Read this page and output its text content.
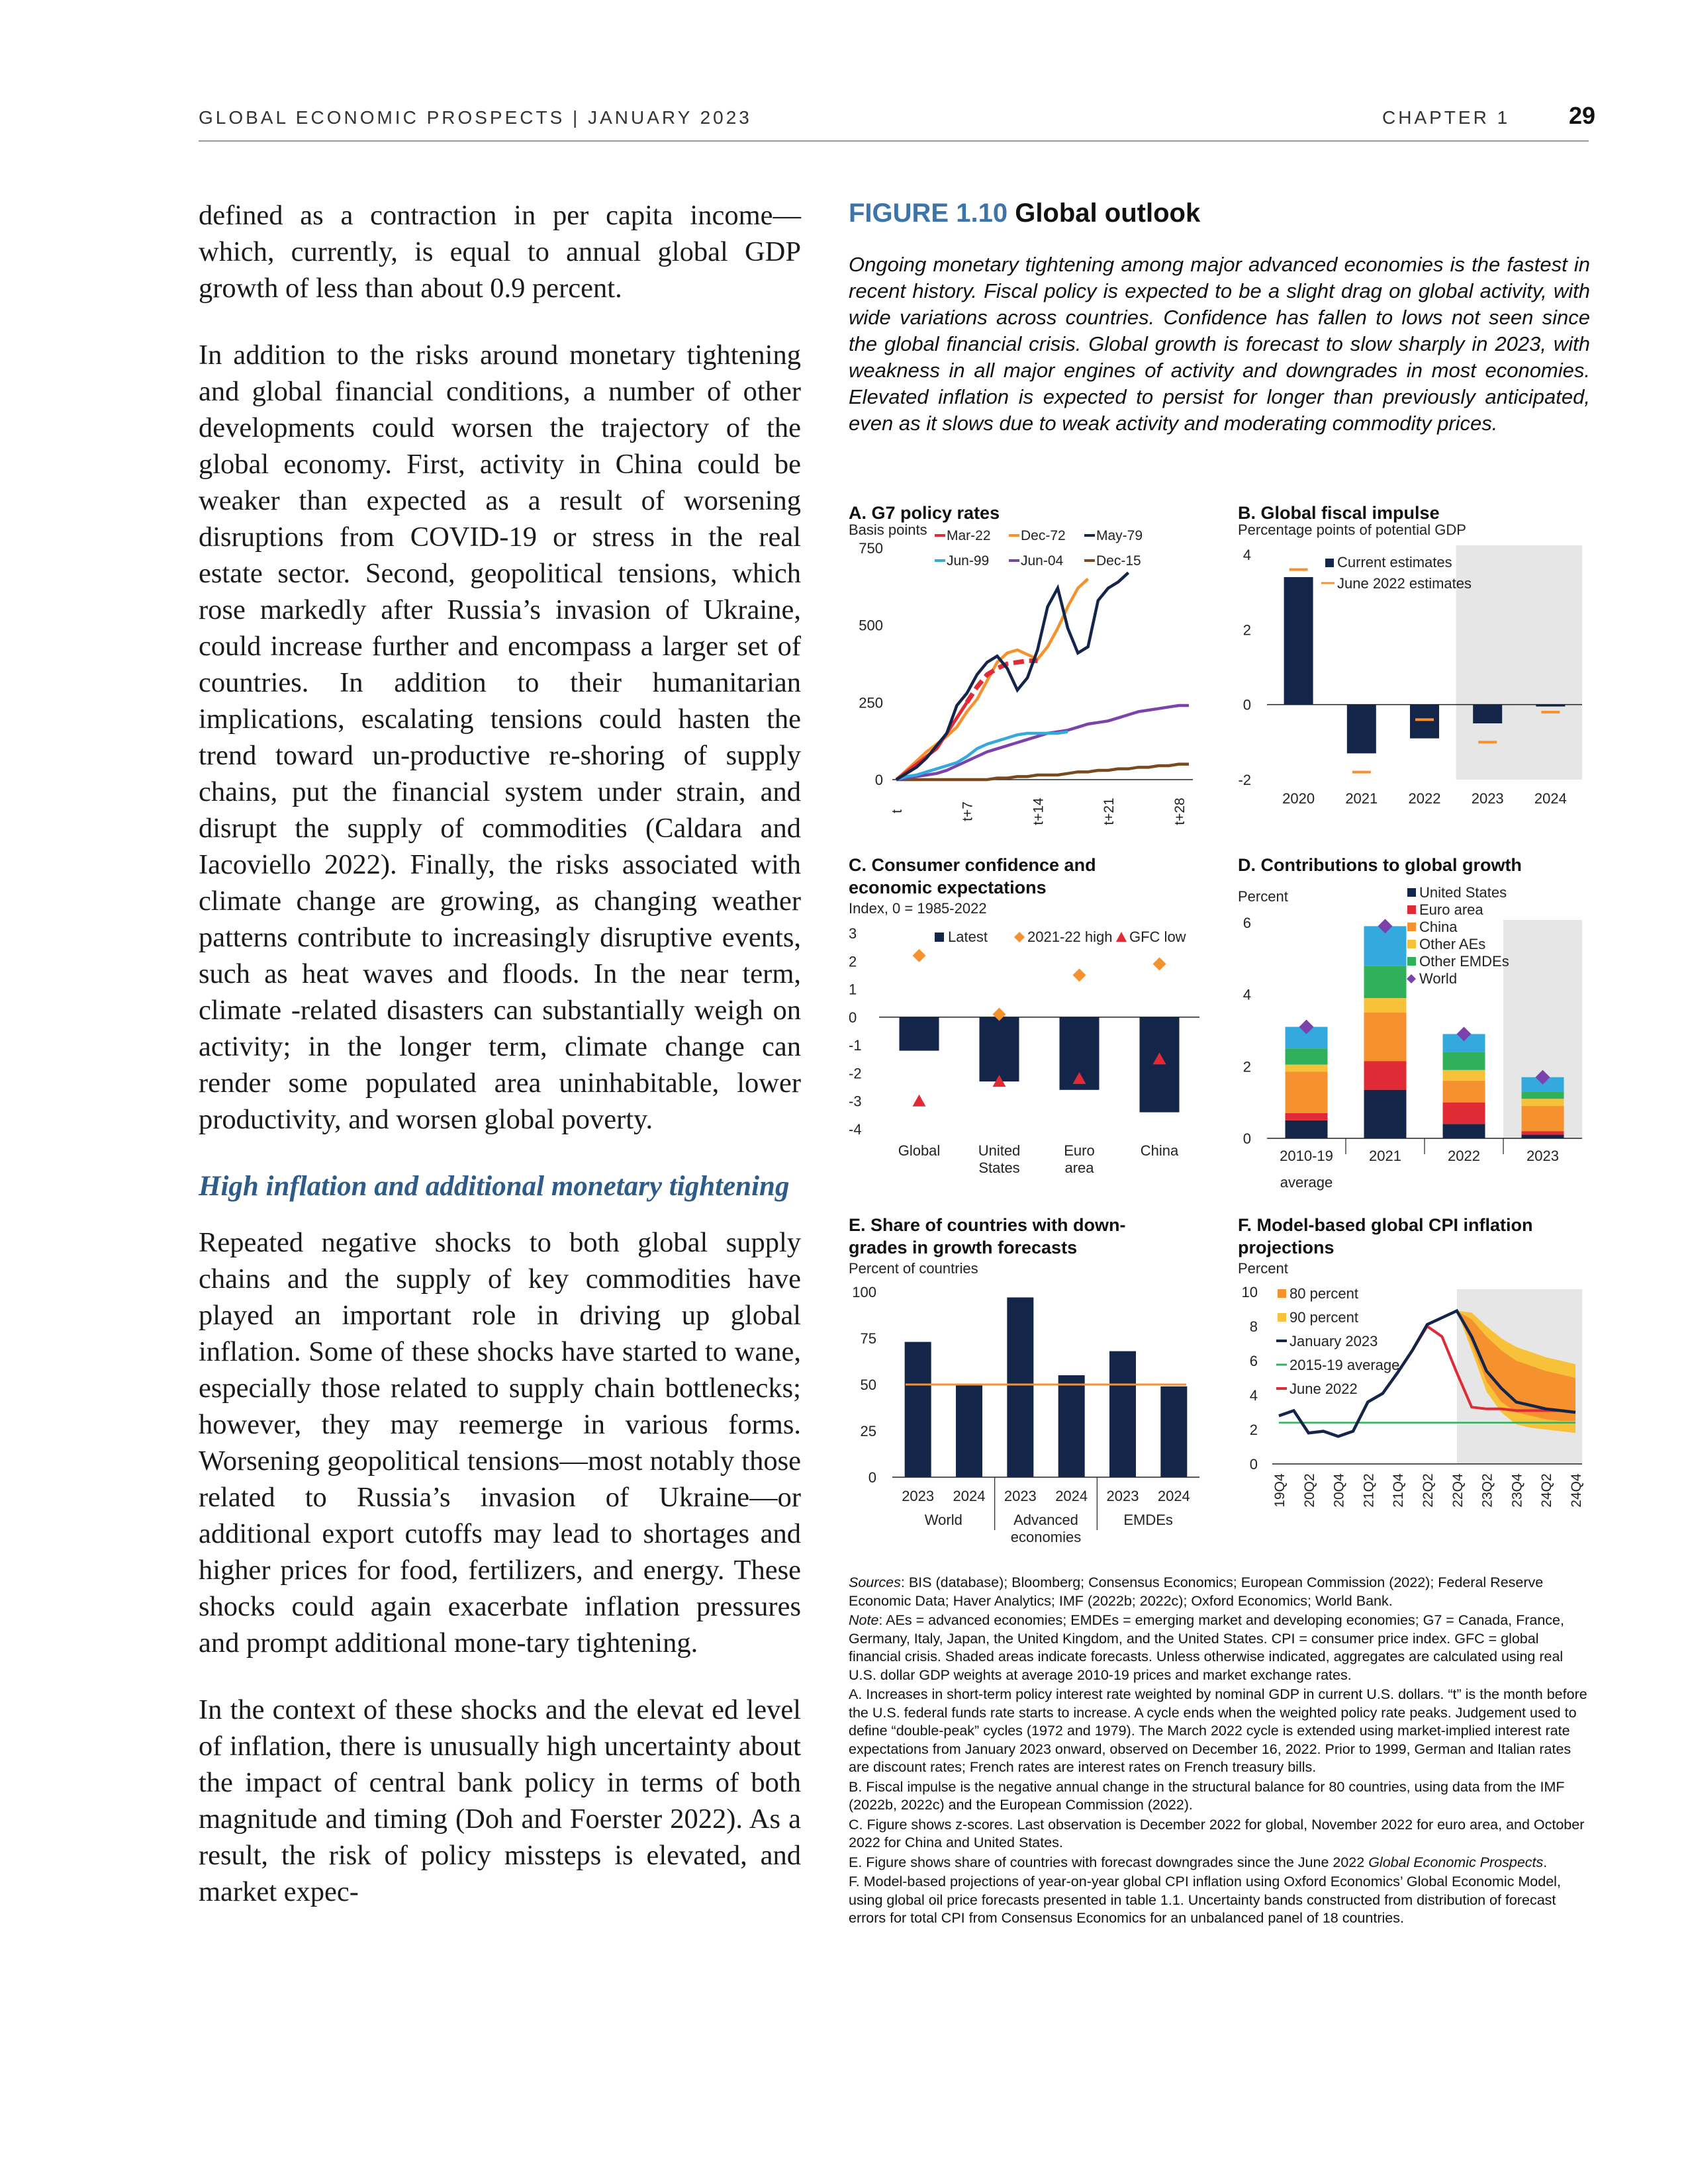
GLOBAL ECONOMIC PROSPECTS | JANUARY 2023	CHAPTER 1 29

defined as a contraction in per capita income—which, currently, is equal to annual global GDP growth of less than about 0.9 percent.

In addition to the risks around monetary tightening and global financial conditions, a number of other developments could worsen the trajectory of the global economy. First, activity in China could be weaker than expected as a result of worsening disruptions from COVID-19 or stress in the real estate sector. Second, geopolitical tensions, which rose markedly after Russia’s invasion of Ukraine, could increase further and encompass a larger set of countries. In addition to their humanitarian implications, escalating tensions could hasten the trend toward un-productive re-shoring of supply chains, put the financial system under strain, and disrupt the supply of commodities (Caldara and Iacoviello 2022). Finally, the risks associated with climate change are growing, as changing weather patterns contribute to increasingly disruptive events, such as heat waves and floods. In the near term, climate -related disasters can substantially weigh on activity; in the longer term, climate change can render some populated area uninhabitable, lower productivity, and worsen global poverty.

High inflation and additional monetary tightening

Repeated negative shocks to both global supply chains and the supply of key commodities have played an important role in driving up global inflation. Some of these shocks have started to wane, especially those related to supply chain bottlenecks; however, they may reemerge in various forms. Worsening geopolitical tensions—most notably those related to Russia’s invasion of Ukraine—or additional export cutoffs may lead to shortages and higher prices for food, fertilizers, and energy. These shocks could again exacerbate inflation pressures and prompt additional mone-tary tightening.

In the context of these shocks and the elevat ed level of inflation, there is unusually high uncertainty about the impact of central bank policy in terms of both magnitude and timing (Doh and Foerster 2022). As a result, the risk of policy missteps is elevated, and market expec-

FIGURE 1.10 Global outlook
Ongoing monetary tightening among major advanced economies is the fastest in recent history. Fiscal policy is expected to be a slight drag on global activity, with wide variations across countries. Confidence has fallen to lows not seen since the global financial crisis. Global growth is forecast to slow sharply in 2023, with weakness in all major engines of activity and downgrades in most economies. Elevated inflation is expected to persist for longer than previously anticipated, even as it slows due to weak activity and moderating commodity prices.
A. G7 policy rates
Basis points
0
250
500
750
t	t+7	t+14	t+21	t+28
Mar-22 Dec-72 May-79
Jun-99 Jun-04 Dec-15
B. Global fiscal impulse
Percentage points of potential GDP
-2
0
2
4
2020 2021 2022 2023 2024
Current estimates
June 2022 estimates
C. Consumer confidence and economic expectations
Index, 0 = 1985-2022
3
2
1
0
-1
-2
-3
-4
Global	United
States
Euro
area
China
Latest	2021-22 high GFC low
D. Contributions to global growth
Percent
0
2
4
6
2010-19
average
2021	2022	2023
United States
Euro area
China
Other AEs
Other EMDEs
World
E. Share of countries with down-grades in growth forecasts
Percent of countries
0
25
50
75
100
2023 2024 2023 2024 2023 2024
World	Advanced
economies
EMDEs
F. Model-based global CPI inflation projections
Percent
0
2
4
6
8
10
19Q4 20Q2 20Q4 21Q2 21Q4 22Q2 22Q4 23Q2 23Q4 24Q2 24Q4
80 percent
90 percent
January 2023
2015-19 average
June 2022

Sources: BIS (database); Bloomberg; Consensus Economics; European Commission (2022); Federal Reserve Economic Data; Haver Analytics; IMF (2022b; 2022c); Oxford Economics; World Bank.

Note: AEs = advanced economies; EMDEs = emerging market and developing economies; G7 = Canada, France, Germany, Italy, Japan, the United Kingdom, and the United States. CPI = consumer price index. GFC = global financial crisis. Shaded areas indicate forecasts. Unless otherwise indicated, aggregates are calculated using real U.S. dollar GDP weights at average 2010-19 prices and market exchange rates.

A. Increases in short-term policy interest rate weighted by nominal GDP in current U.S. dollars. “t” is the month before the U.S. federal funds rate starts to increase. A cycle ends when the weighted policy rate peaks. Judgement used to define “double-peak” cycles (1972 and 1979). The March 2022 cycle is extended using market-implied interest rate expectations from January 2023 onward, observed on December 16, 2022. Prior to 1999, German and Italian rates are discount rates; French rates are interest rates on French treasury bills.

B. Fiscal impulse is the negative annual change in the structural balance for 80 countries, using data from the IMF (2022b, 2022c) and the European Commission (2022).

C. Figure shows z-scores. Last observation is December 2022 for global, November 2022 for euro area, and October 2022 for China and United States.

E. Figure shows share of countries with forecast downgrades since the June 2022 Global Economic Prospects.

F. Model-based projections of year-on-year global CPI inflation using Oxford Economics’ Global Economic Model, using global oil price forecasts presented in table 1.1. Uncertainty bands constructed from distribution of forecast errors for total CPI from Consensus Economics for an unbalanced panel of 18 countries.
